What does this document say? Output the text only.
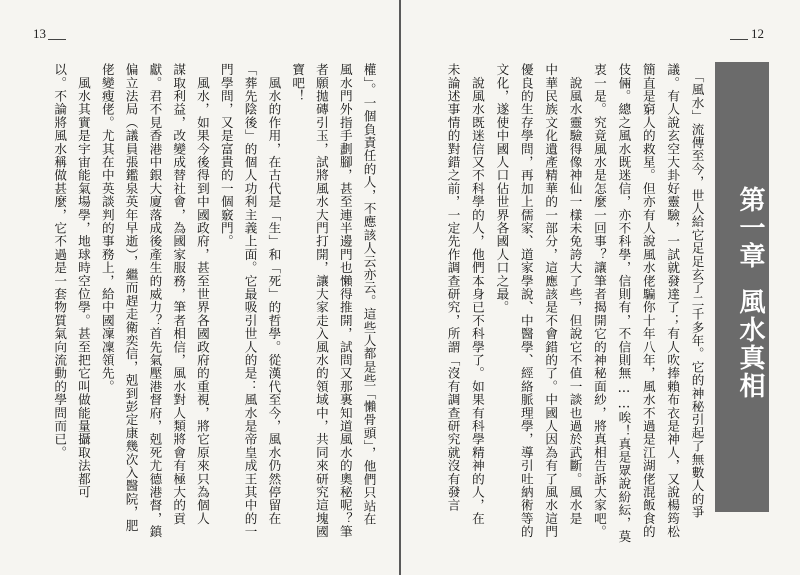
13
權」。一個負責任的人，不應該人云亦云。這些人都是些「懶骨頭」，他們只站在
風水門外指手劃腳，甚至連半邊門也懶得推開，試問又那裏知道風水的奧秘呢？筆
者願拋磚引玉，試將風水大門打開，讓大家走入風水的領域中，共同來研究這塊國
寶吧！
　風水的作用，在古代是「生」和「死」的哲學。從漢代至今，風水仍然停留在
「葬先陰後」的個人功利主義上面。它最吸引世人的是：風水是帝皇成王其中的一
門學問，又是富貴的一個竅門。
　風水，如果今後得到中國政府，甚至世界各國政府的重視，將它原來只為個人
謀取利益，改變成替社會，為國家服務，筆者相信，風水對人類將會有極大的貢
獻。君不見香港中銀大廈落成後產生的威力？首先氣壓港督府，剋死尤德港督，鎮
偏立法局（議員張鑑泉英年早逝），繼而趕走衛奕信，剋到彭定康幾次入醫院，肥
佬變瘦佬。尤其在中英談判的事務上，給中國凜凜領先。
　風水其實是宇宙能氣場學，地球時空位學。甚至把它叫做能量攝取法都可
以。不論將風水稱做甚麼，它不過是一套物質氣向流動的學問而已。
12
第一章
風水真相
　「風水」流傳至今，世人給它足足玄了二千多年。它的神秘引起了無數人的爭
議。有人說玄空大卦好靈驗，一試就發達了；有人吹捧賴布衣是神人，又說楊筠松
簡直是窮人的救星。但亦有人說風水佬騙你十年八年，風水不過是江湖佬混飯食的
伎倆。總之風水既迷信，亦不科學，信則有，不信則無……唉！真是眾說紛紜，莫
衷一是。究竟風水是怎麼一回事？讓筆者揭開它的神秘面紗，將真相告訴大家吧。
　說風水靈驗得像神仙一樣未免誇大了些，但說它不值一談也過於武斷。風水是
中華民族文化遺產精華的一部分，這應該是不會錯的了。中國人因為有了風水這門
優良的生存學問，再加上儒家、道家學說、中醫學、經絡脈理學，導引吐納術等的
文化，遂使中國人口佔世界各國人口之最。
　說風水既迷信又不科學的人，他們本身已不科學了。如果有科學精神的人，在
未論述事情的對錯之前，一定先作調查研究，所謂「沒有調查研究就沒有發言
